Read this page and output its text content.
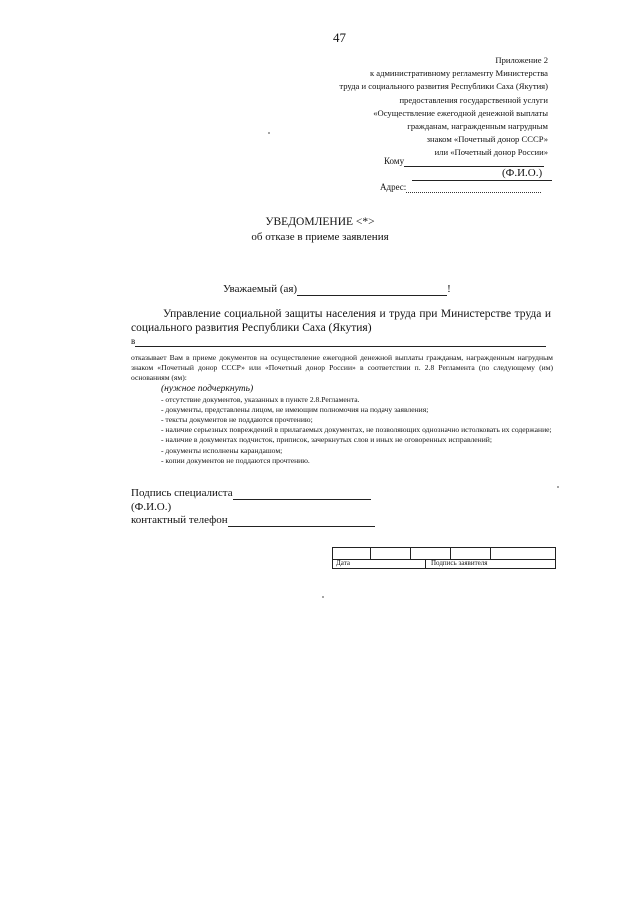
47
Приложение 2
к административному регламенту Министерства
труда и социального развития Республики Саха (Якутия)
предоставления государственной услуги
«Осуществление ежегодной денежной выплаты
гражданам, награжденным нагрудным
знаком «Почетный донор СССР»
или «Почетный донор России»
Кому
(Ф.И.О.)
Адрес:
УВЕДОМЛЕНИЕ <*>
об отказе в приеме заявления
Уважаемый (ая)	!
Управление социальной защиты населения и труда при Министерстве труда и социального развития Республики Саха (Якутия)
в

отказывает Вам в приеме документов на осуществление ежегодной денежной выплаты гражданам, награжденным нагрудным знаком «Почетный донор СССР» или «Почетный донор России» в соответствии п. 2.8 Регламента (по следующему (им) основаниям (ям):

(нужное подчеркнуть)

- отсутствие документов, указанных в пункте 2.8.Регламента.

- документы, представлены лицом, не имеющим полномочия на подачу заявления;

- тексты документов не поддаются прочтению;

- наличие серьезных повреждений в прилагаемых документах, не позволяющих однозначно истолковать их содержание;

- наличие в документах подчисток, приписок, зачеркнутых слов и иных не оговоренных исправлений;

- документы исполнены карандашом;

- копии документов не поддаются прочтению.

Подпись специалиста
(Ф.И.О.)
контактный телефон
Дата	Подпись заявителя
